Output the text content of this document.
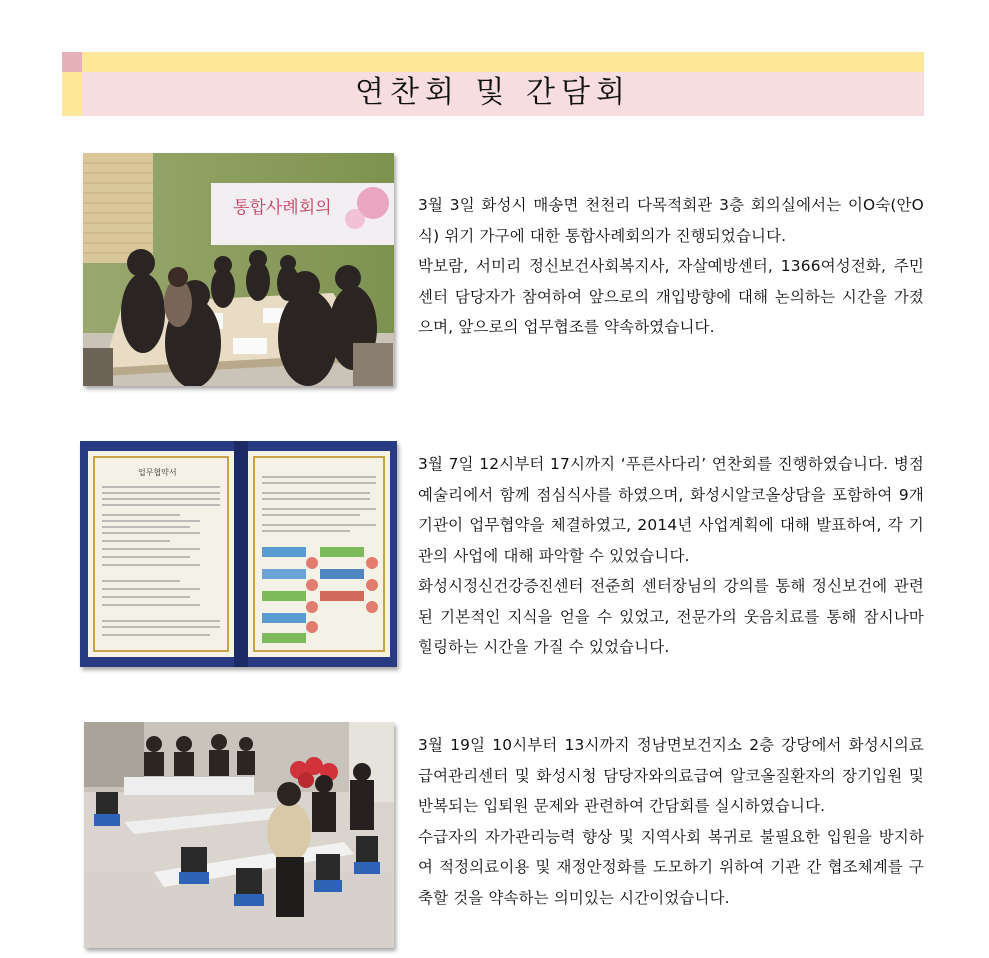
연찬회 및 간담회
통합사례회의	3월 3일 화성시 매송면 천천리 다목적회관 3층 회의실에서는 이O숙(안O식) 위기 가구에 대한 통합사례회의가 진행되었습니다.

박보람, 서미리 정신보건사회복지사, 자살예방센터, 1366여성전화, 주민센터 담당자가 참여하여 앞으로의 개입방향에 대해 논의하는 시간을 가졌으며, 앞으로의 업무협조를 약속하였습니다.

업무협약서	3월 7일 12시부터 17시까지 ‘푸른사다리’ 연찬회를 진행하였습니다. 병점 예술리에서 함께 점심식사를 하였으며, 화성시알코올상담을 포함하여 9개 기관이 업무협약을 체결하였고, 2014년 사업계획에 대해 발표하여, 각 기관의 사업에 대해 파악할 수 있었습니다.

화성시정신건강증진센터 전준희 센터장님의 강의를 통해 정신보건에 관련된 기본적인 지식을 얻을 수 있었고, 전문가의 웃음치료를 통해 잠시나마 힐링하는 시간을 가질 수 있었습니다.

3월 19일 10시부터 13시까지 정남면보건지소 2층 강당에서 화성시의료급여관리센터 및 화성시청 담당자와의료급여 알코올질환자의 장기입원 및 반복되는 입퇴원 문제와 관련하여 간담회를 실시하였습니다.

수급자의 자가관리능력 향상 및 지역사회 복귀로 불필요한 입원을 방지하여 적정의료이용 및 재정안정화를 도모하기 위하여 기관 간 협조체계를 구축할 것을 약속하는 의미있는 시간이었습니다.
